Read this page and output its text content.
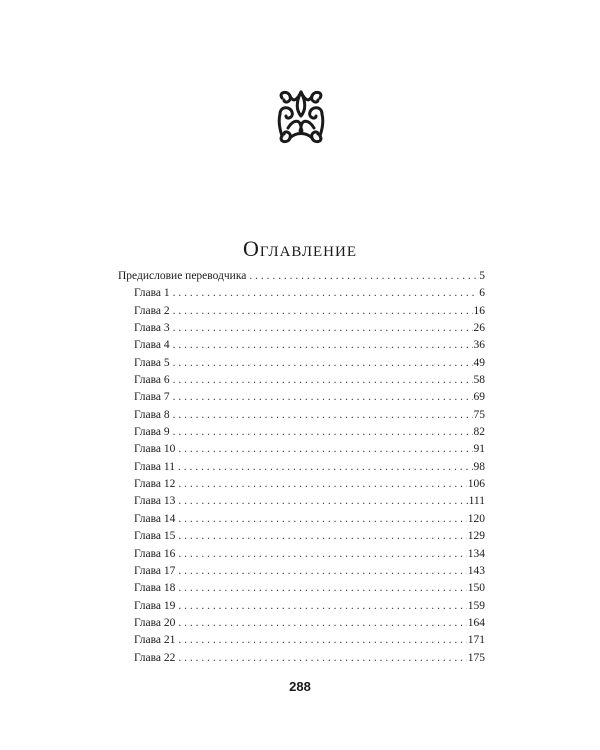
Оглавление
Предисловие переводчика . . .	5
Глава 1 . . .	6
Глава 2 . . .	16
Глава 3 . . .	26
Глава 4 . . .	36
Глава 5 . . .	49
Глава 6 . . .	58
Глава 7 . . .	69
Глава 8 . . .	75
Глава 9 . . .	82
Глава 10 . . .	91
Глава 11 . . .	98
Глава 12 . . .	106
Глава 13 . . .	111
Глава 14 . . .	120
Глава 15 . . .	129
Глава 16 . . .	134
Глава 17 . . .	143
Глава 18 . . .	150
Глава 19 . . .	159
Глава 20 . . .	164
Глава 21 . . .	171
Глава 22 . . .	175

288
